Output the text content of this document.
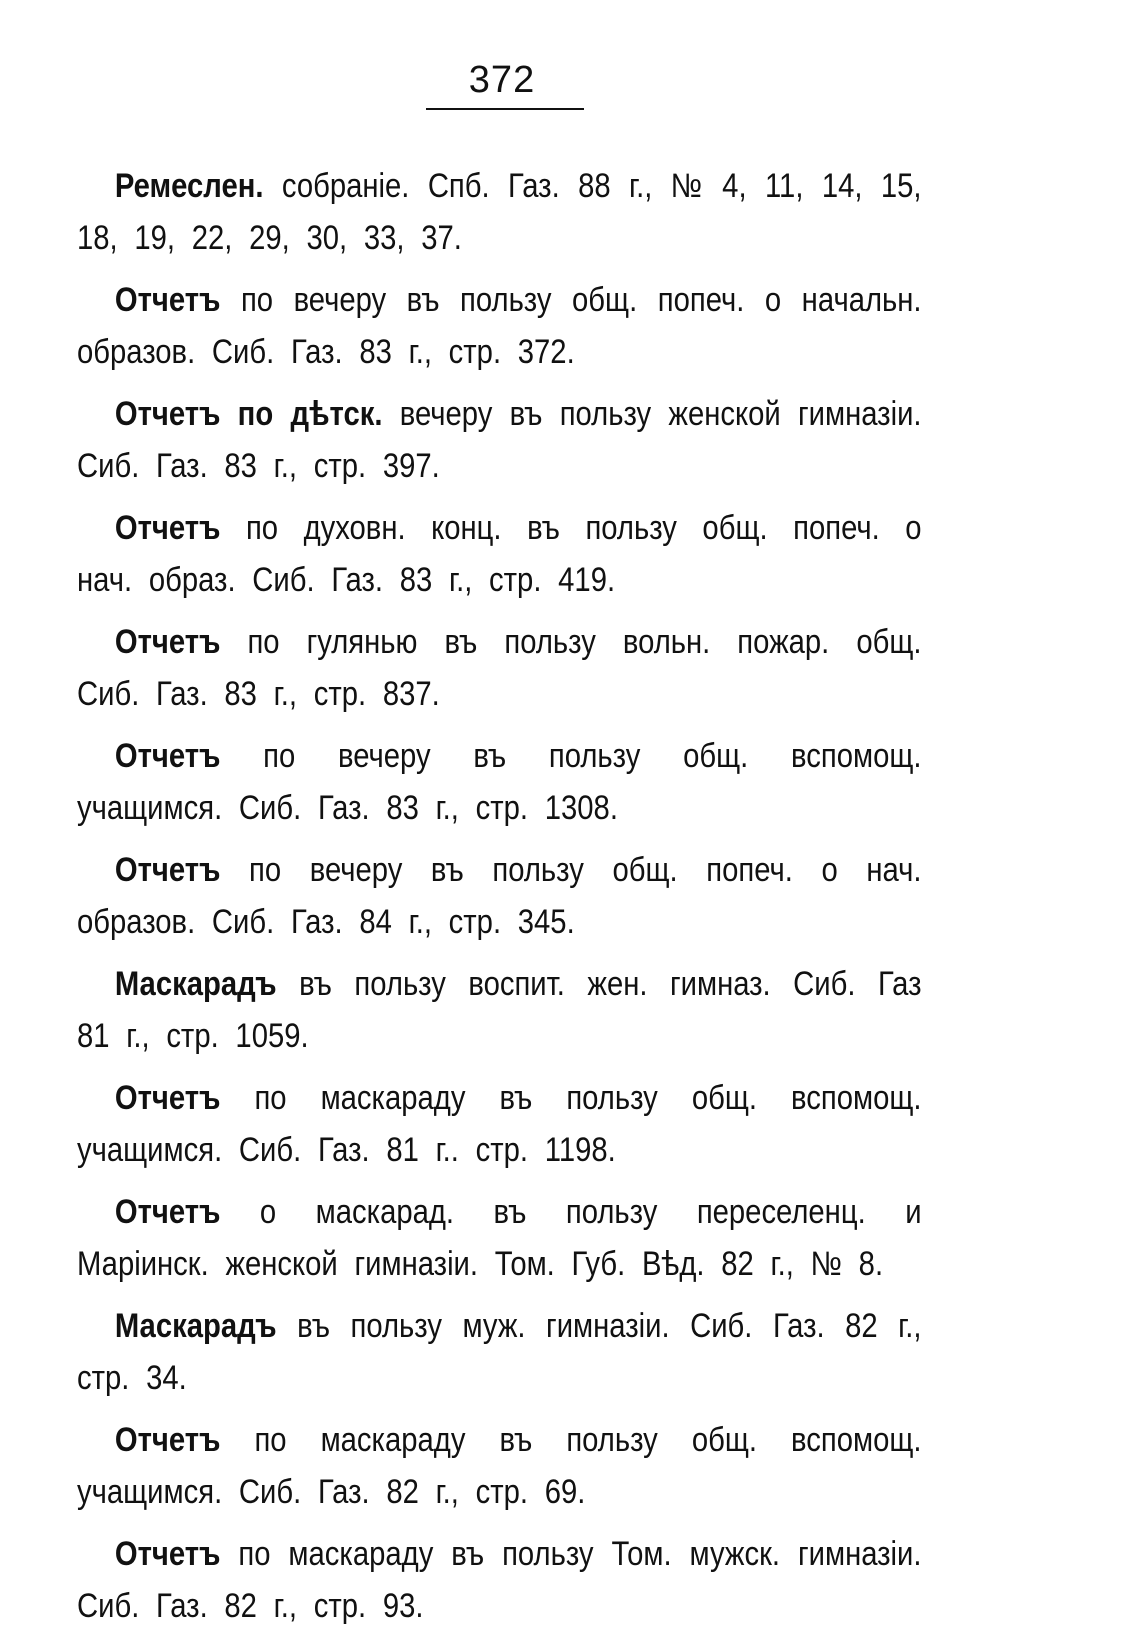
372

Ремеслен. собраніе. Спб. Газ. 88 г., № 4, 11, 14, 15, 18, 19, 22, 29, 30, 33, 37.

Отчетъ по вечеру въ пользу общ. попеч. о начальн. образов. Сиб. Газ. 83 г., стр. 372.

Отчетъ по дѣтск. вечеру въ пользу женской гимназіи. Сиб. Газ. 83 г., стр. 397.

Отчетъ по духовн. конц. въ пользу общ. попеч. о нач. образ. Сиб. Газ. 83 г., стр. 419.

Отчетъ по гулянью въ пользу вольн. пожар. общ. Сиб. Газ. 83 г., стр. 837.

Отчетъ по вечеру въ пользу общ. вспомощ. учащимся. Сиб. Газ. 83 г., стр. 1308.

Отчетъ по вечеру въ пользу общ. попеч. о нач. образов. Сиб. Газ. 84 г., стр. 345.

Маскарадъ въ пользу воспит. жен. гимназ. Сиб. Газ 81 г., стр. 1059.

Отчетъ по маскараду въ пользу общ. вспомощ. учащимся. Сиб. Газ. 81 г.. стр. 1198.

Отчетъ о маскарад. въ пользу переселенц. и Маріинск. женской гимназіи. Том. Губ. Вѣд. 82 г., № 8.

Маскарадъ въ пользу муж. гимназіи. Сиб. Газ. 82 г., стр. 34.

Отчетъ по маскараду въ пользу общ. вспомощ. учащимся. Сиб. Газ. 82 г., стр. 69.

Отчетъ по маскараду въ пользу Том. мужск. гимназіи. Сиб. Газ. 82 г., стр. 93.
